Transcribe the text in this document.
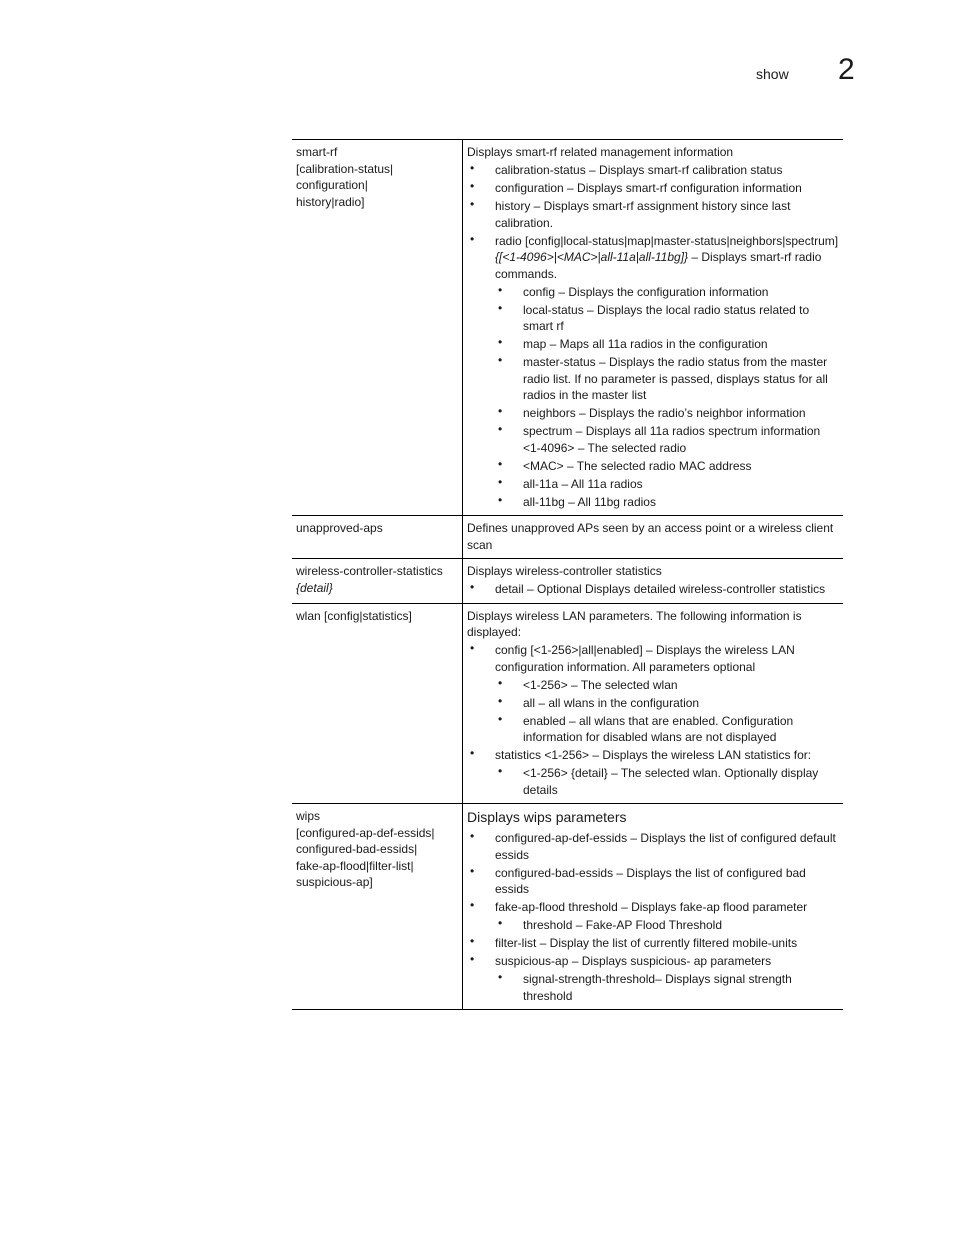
show 2
smart-rf
[calibration-status|
configuration|
history|radio]
Displays smart-rf related management information
• calibration-status – Displays smart-rf calibration status
• configuration – Displays smart-rf configuration information
• history – Displays smart-rf assignment history since last calibration.
• radio [config|local-status|map|master-status|neighbors|spectrum] {[<1-4096>|<MAC>|all-11a|all-11bg]} – Displays smart-rf radio commands.
• config – Displays the configuration information
• local-status – Displays the local radio status related to smart rf
• map – Maps all 11a radios in the configuration
• master-status – Displays the radio status from the master radio list. If no parameter is passed, displays status for all radios in the master list
• neighbors – Displays the radio’s neighbor information
• spectrum – Displays all 11a radios spectrum information <1-4096> – The selected radio
• <MAC> – The selected radio MAC address
• all-11a – All 11a radios
• all-11bg – All 11bg radios
unapproved-aps	Defines unapproved APs seen by an access point or a wireless client scan
wireless-controller-statistics
{detail}
Displays wireless-controller statistics
• detail – Optional Displays detailed wireless-controller statistics
wlan [config|statistics]	Displays wireless LAN parameters. The following information is displayed:
• config [<1-256>|all|enabled] – Displays the wireless LAN configuration information. All parameters optional
• <1-256> – The selected wlan
• all – all wlans in the configuration
• enabled – all wlans that are enabled. Configuration information for disabled wlans are not displayed
• statistics <1-256> – Displays the wireless LAN statistics for:
• <1-256> {detail} – The selected wlan. Optionally display details
wips
[configured-ap-def-essids|
configured-bad-essids|
fake-ap-flood|filter-list|
suspicious-ap]
Displays wips parameters
• configured-ap-def-essids – Displays the list of configured default essids
• configured-bad-essids – Displays the list of configured bad essids
• fake-ap-flood threshold – Displays fake-ap flood parameter
• threshold – Fake-AP Flood Threshold
• filter-list – Display the list of currently filtered mobile-units
• suspicious-ap – Displays suspicious- ap parameters
• signal-strength-threshold– Displays signal strength threshold
